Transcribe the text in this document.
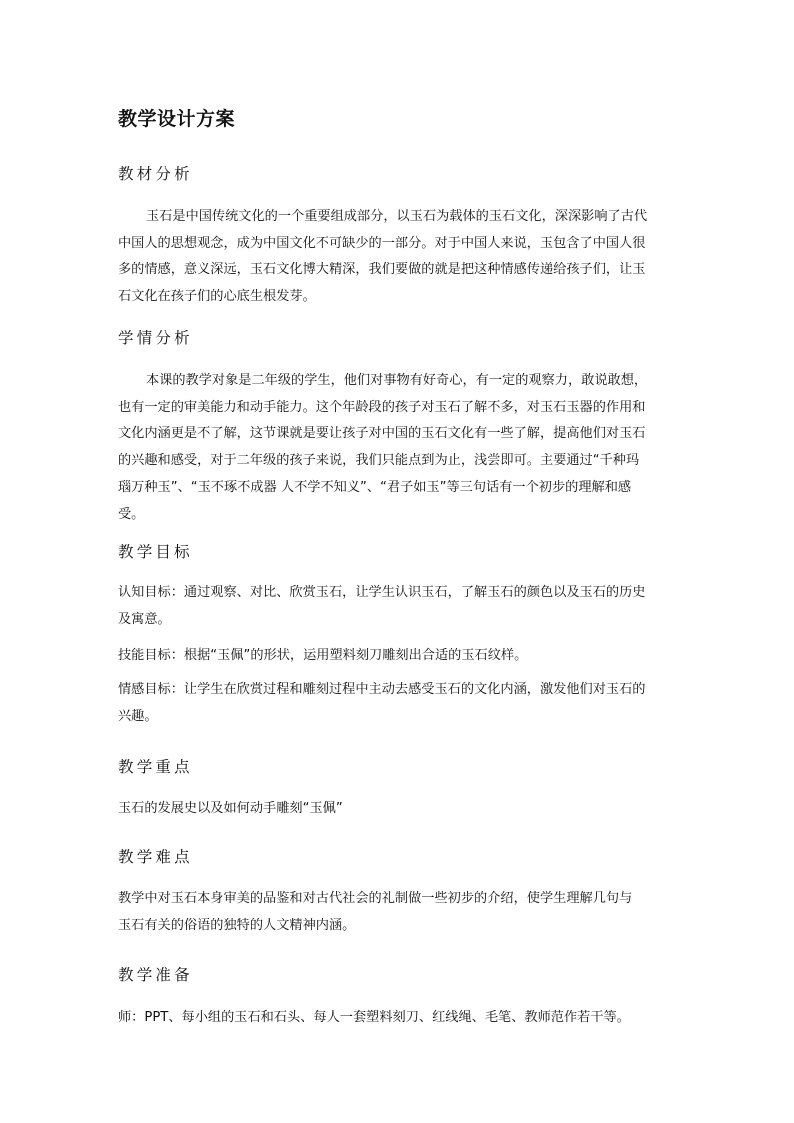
教学设计方案
教材分析

玉石是中国传统文化的一个重要组成部分，以玉石为载体的玉石文化，深深影响了古代
中国人的思想观念，成为中国文化不可缺少的一部分。对于中国人来说，玉包含了中国人很
多的情感，意义深远，玉石文化博大精深，我们要做的就是把这种情感传递给孩子们，让玉
石文化在孩子们的心底生根发芽。

学情分析

本课的教学对象是二年级的学生，他们对事物有好奇心，有一定的观察力，敢说敢想，
也有一定的审美能力和动手能力。这个年龄段的孩子对玉石了解不多，对玉石玉器的作用和
文化内涵更是不了解，这节课就是要让孩子对中国的玉石文化有一些了解，提高他们对玉石
的兴趣和感受，对于二年级的孩子来说，我们只能点到为止，浅尝即可。主要通过“千种玛
瑙万种玉”、“玉不琢不成器 人不学不知义”、“君子如玉”等三句话有一个初步的理解和感
受。

教学目标

认知目标：通过观察、对比、欣赏玉石，让学生认识玉石，了解玉石的颜色以及玉石的历史
及寓意。

技能目标：根据“玉佩”的形状，运用塑料刻刀雕刻出合适的玉石纹样。

情感目标：让学生在欣赏过程和雕刻过程中主动去感受玉石的文化内涵，激发他们对玉石的
兴趣。

教学重点

玉石的发展史以及如何动手雕刻“玉佩”

教学难点

教学中对玉石本身审美的品鉴和对古代社会的礼制做一些初步的介绍，使学生理解几句与
玉石有关的俗语的独特的人文精神内涵。

教学准备

师：PPT、每小组的玉石和石头、每人一套塑料刻刀、红线绳、毛笔、教师范作若干等。
